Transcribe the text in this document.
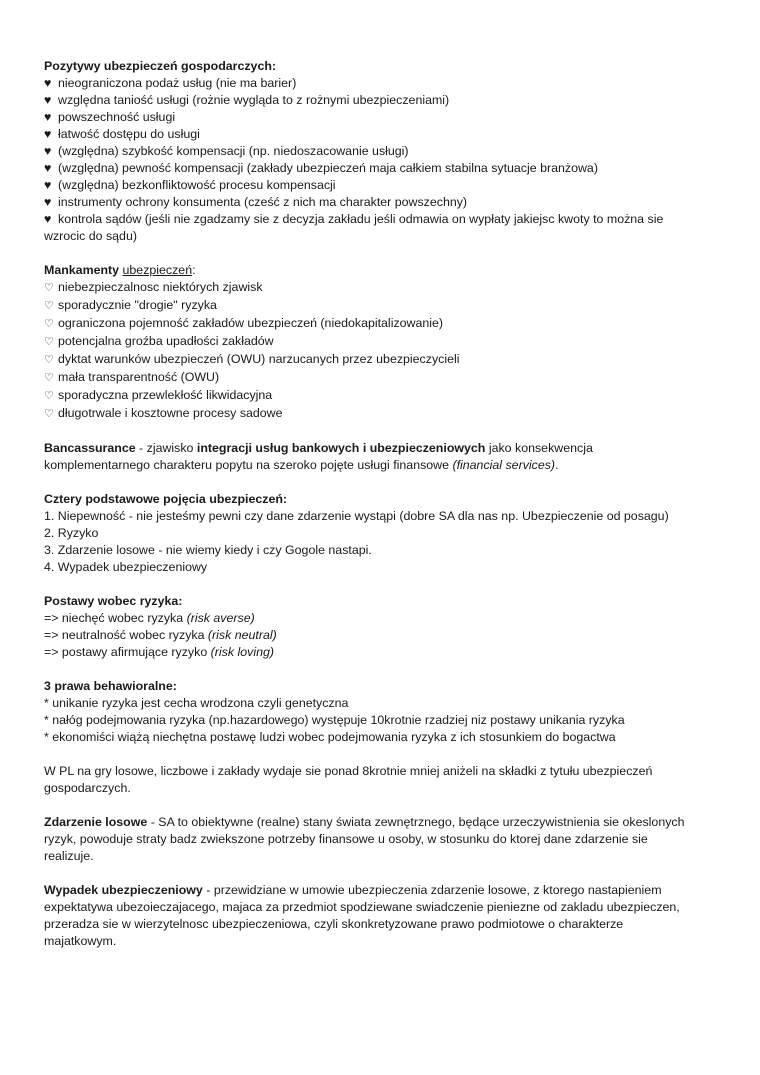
Pozytywy ubezpieczeń gospodarczych:
♥ nieograniczona podaż usług (nie ma barier)
♥ względna taniość usługi (rożnie wygląda to z rożnymi ubezpieczeniami)
♥ powszechność usługi
♥ łatwość dostępu do usługi
♥ (względna) szybkość kompensacji (np. niedoszacowanie usługi)
♥ (względna) pewność kompensacji (zakłady ubezpieczeń maja całkiem stabilna sytuacje branżowa)
♥ (względna) bezkonfliktowość procesu kompensacji
♥ instrumenty ochrony konsumenta (cześć z nich ma charakter powszechny)
♥ kontrola sądów (jeśli nie zgadzamy sie z decyzja zakładu jeśli odmawia on wypłaty jakiejsc kwoty to można sie
wzrocic do sądu)
Mankamenty ubezpieczeń:
♡ niebezpieczalnosc niektórych zjawisk
♡ sporadycznie "drogie" ryzyka
♡ ograniczona pojemność zakładów ubezpieczeń (niedokapitalizowanie)
♡ potencjalna groźba upadłości zakładów
♡ dyktat warunków ubezpieczeń (OWU) narzucanych przez ubezpieczycieli
♡ mała transparentność (OWU)
♡ sporadyczna przewlekłość likwidacyjna
♡ długotrwale i kosztowne procesy sadowe
Bancassurance - zjawisko integracji usług bankowych i ubezpieczeniowych jako konsekwencja
komplementarnego charakteru popytu na szeroko pojęte usługi finansowe (financial services).
Cztery podstawowe pojęcia ubezpieczeń:
1. Niepewność - nie jesteśmy pewni czy dane zdarzenie wystąpi (dobre SA dla nas np. Ubezpieczenie od posagu)
2. Ryzyko
3. Zdarzenie losowe - nie wiemy kiedy i czy Gogole nastapi.
4. Wypadek ubezpieczeniowy
Postawy wobec ryzyka:
=> niechęć wobec ryzyka (risk averse)
=> neutralność wobec ryzyka (risk neutral)
=> postawy afirmujące ryzyko (risk loving)
3 prawa behawioralne:
* unikanie ryzyka jest cecha wrodzona czyli genetyczna
* nałóg podejmowania ryzyka (np.hazardowego) występuje 10krotnie rzadziej niz postawy unikania ryzyka
* ekonomiści wiążą niechętna postawę ludzi wobec podejmowania ryzyka z ich stosunkiem do bogactwa
W PL na gry losowe, liczbowe i zakłady wydaje sie ponad 8krotnie mniej aniżeli na składki z tytułu ubezpieczeń
gospodarczych.
Zdarzenie losowe - SA to obiektywne (realne) stany świata zewnętrznego, będące urzeczywistnienia sie okeslonych
ryzyk, powoduje straty badz zwiekszone potrzeby finansowe u osoby, w stosunku do ktorej dane zdarzenie sie
realizuje.
Wypadek ubezpieczeniowy - przewidziane w umowie ubezpieczenia zdarzenie losowe, z ktorego nastapieniem
expektatywa ubezoieczajacego, majaca za przedmiot spodziewane swiadczenie pieniezne od zakladu ubezpieczen,
przeradza sie w wierzytelnosc ubezpieczeniowa, czyli skonkretyzowane prawo podmiotowe o charakterze
majatkowym.
